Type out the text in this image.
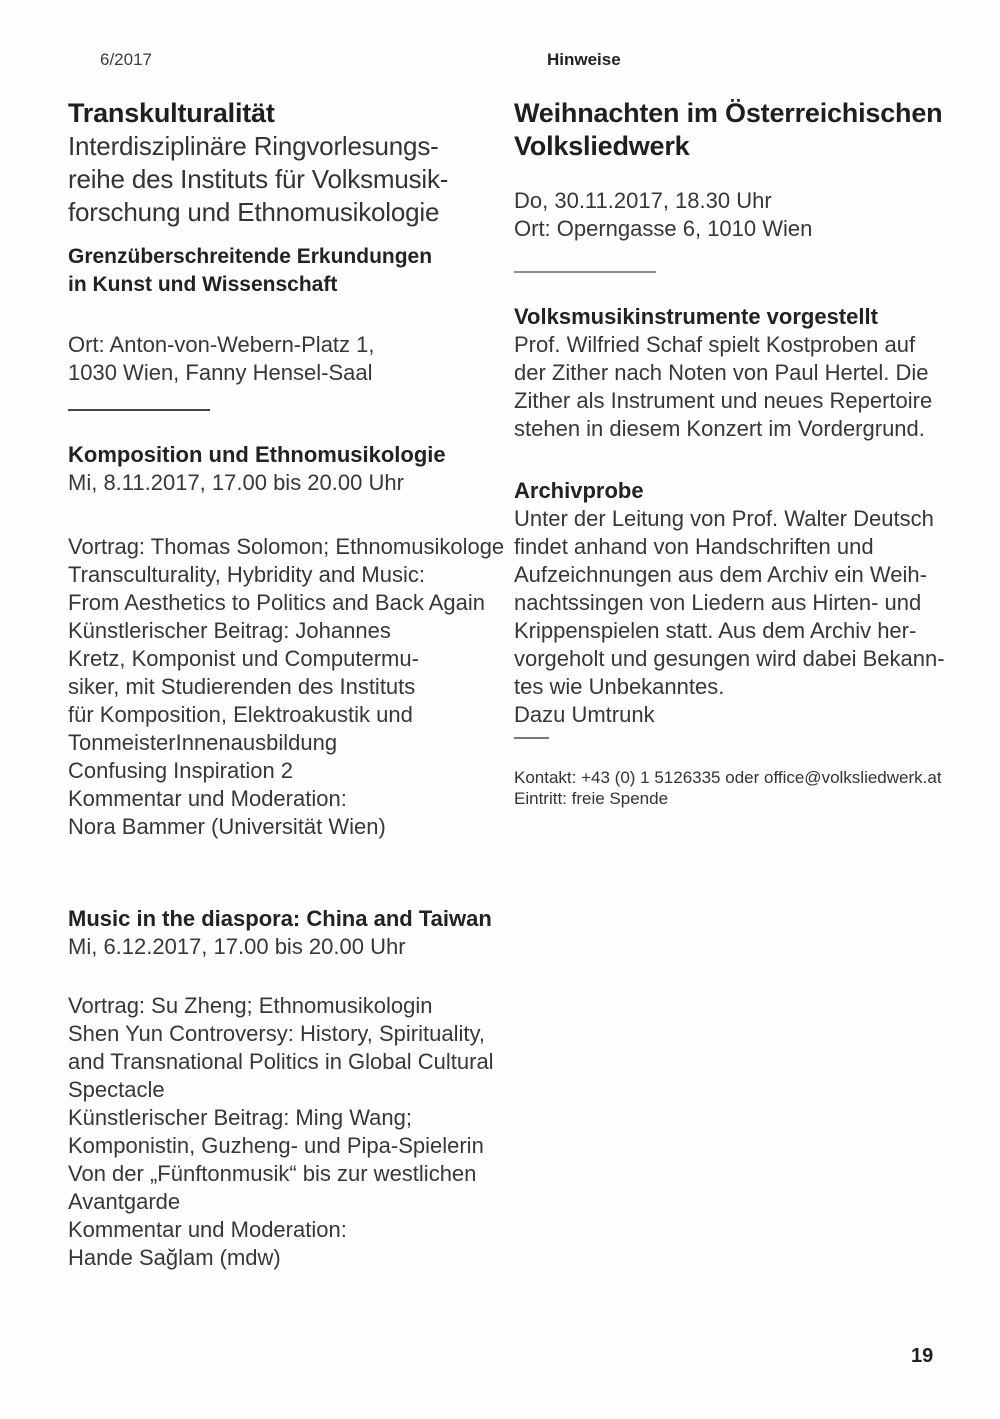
6/2017	Hinweise
Transkulturalität
Interdisziplinäre Ringvorlesungs-
reihe des Instituts für Volksmusik-
forschung und Ethnomusikologie
Grenzüberschreitende Erkundungen
in Kunst und Wissenschaft
Ort: Anton-von-Webern-Platz 1,
1030 Wien, Fanny Hensel-Saal
Komposition und Ethnomusikologie
Mi, 8.11.2017, 17.00 bis 20.00 Uhr
Vortrag: Thomas Solomon; Ethnomusikologe
Transculturality, Hybridity and Music:
From Aesthetics to Politics and Back Again
Künstlerischer Beitrag: Johannes
Kretz, Komponist und Computermu-
siker, mit Studierenden des Instituts
für Komposition, Elektroakustik und
TonmeisterInnenausbildung
Confusing Inspiration 2
Kommentar und Moderation:
Nora Bammer (Universität Wien)
Music in the diaspora: China and Taiwan
Mi, 6.12.2017, 17.00 bis 20.00 Uhr
Vortrag: Su Zheng; Ethnomusikologin
Shen Yun Controversy: History, Spirituality,
and Transnational Politics in Global Cultural
Spectacle
Künstlerischer Beitrag: Ming Wang;
Komponistin, Guzheng- und Pipa-Spielerin
Von der „Fünftonmusik“ bis zur westlichen
Avantgarde
Kommentar und Moderation:
Hande Sağlam (mdw)
Weihnachten im Österreichischen
Volksliedwerk
Do, 30.11.2017, 18.30 Uhr
Ort: Operngasse 6, 1010 Wien
Volksmusikinstrumente vorgestellt
Prof. Wilfried Schaf spielt Kostproben auf
der Zither nach Noten von Paul Hertel. Die
Zither als Instrument und neues Repertoire
stehen in diesem Konzert im Vordergrund.
Archivprobe
Unter der Leitung von Prof. Walter Deutsch
findet anhand von Handschriften und
Aufzeichnungen aus dem Archiv ein Weih-
nachtssingen von Liedern aus Hirten- und
Krippenspielen statt. Aus dem Archiv her-
vorgeholt und gesungen wird dabei Bekann-
tes wie Unbekanntes.
Dazu Umtrunk
Kontakt: +43 (0) 1 5126335 oder office@volksliedwerk.at
Eintritt: freie Spende
19
